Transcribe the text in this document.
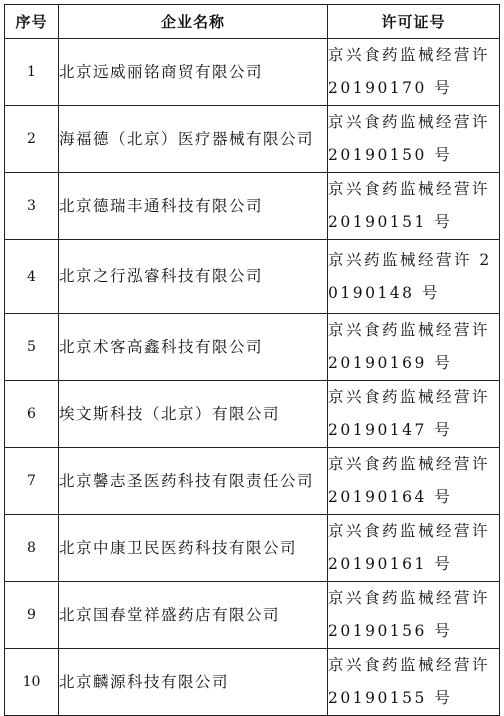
序号	企业名称	许可证号
1	北京远威丽铭商贸有限公司	京兴食药监械经营许 20190170 号
2	海福德（北京）医疗器械有限公司	京兴食药监械经营许 20190150 号
3	北京德瑞丰通科技有限公司	京兴食药监械经营许 20190151 号
4	北京之行泓睿科技有限公司	京兴药监械经营许 20190148 号
5	北京术客高鑫科技有限公司	京兴食药监械经营许 20190169 号
6	埃文斯科技（北京）有限公司	京兴食药监械经营许 20190147 号
7	北京馨志圣医药科技有限责任公司	京兴食药监械经营许 20190164 号
8	北京中康卫民医药科技有限公司	京兴食药监械经营许 20190161 号
9	北京国春堂祥盛药店有限公司	京兴食药监械经营许 20190156 号
10	北京麟源科技有限公司	京兴食药监械经营许 20190155 号
